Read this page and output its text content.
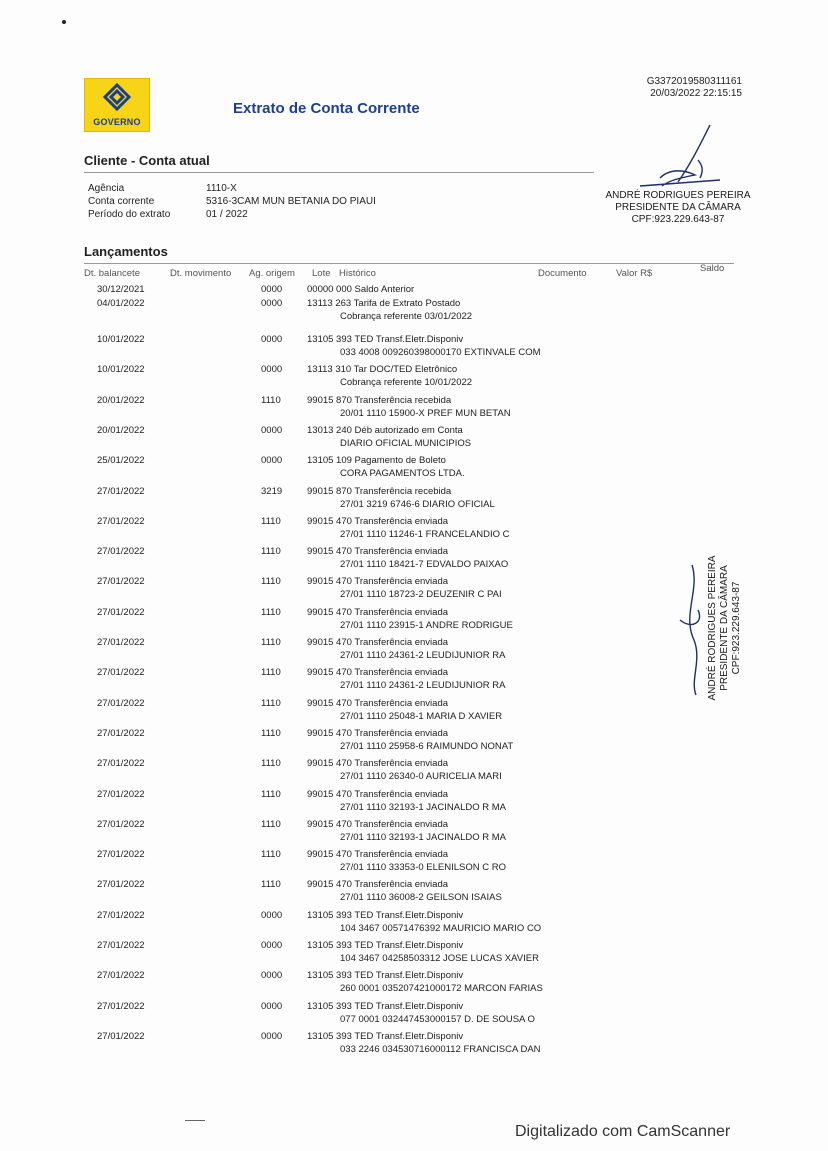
GOVERNO
Extrato de Conta Corrente
G3372019580311161
20/03/2022 22:15:15
Cliente - Conta atual
Agência	1110-X
Conta corrente	5316-3CAM MUN BETANIA DO PIAUI
Período do extrato	01 / 2022
ANDRÉ RODRIGUES PEREIRA
PRESIDENTE DA CÂMARA
CPF:923.229.643-87
Lançamentos
Dt. balancete	Dt. movimento Ag. origem Lote Histórico	Documento	Valor R$	Saldo
30/12/2021	0000	00000 000 Saldo Anterior
04/01/2022	0000	13113 263 Tarifa de Extrato Postado
Cobrança referente 03/01/2022
10/01/2022	0000	13105 393 TED Transf.Eletr.Disponiv
033 4008 009260398000170 EXTINVALE COM
10/01/2022	0000	13113 310 Tar DOC/TED Eletrônico
Cobrança referente 10/01/2022
20/01/2022	1110	99015 870 Transferência recebida
20/01 1110 15900-X PREF MUN BETAN
20/01/2022	0000	13013 240 Déb autorizado em Conta
DIARIO OFICIAL MUNICIPIOS
25/01/2022	0000	13105 109 Pagamento de Boleto
CORA PAGAMENTOS LTDA.
27/01/2022	3219	99015 870 Transferência recebida
27/01 3219 6746-6 DIARIO OFICIAL
27/01/2022	1110	99015 470 Transferência enviada
27/01 1110 11246-1 FRANCELANDIO C
27/01/2022	1110	99015 470 Transferência enviada
27/01 1110 18421-7 EDVALDO PAIXAO
27/01/2022	1110	99015 470 Transferência enviada
27/01 1110 18723-2 DEUZENIR C PAI
27/01/2022	1110	99015 470 Transferência enviada
27/01 1110 23915-1 ANDRE RODRIGUE
27/01/2022	1110	99015 470 Transferência enviada
27/01 1110 24361-2 LEUDIJUNIOR RA
27/01/2022	1110	99015 470 Transferência enviada
27/01 1110 24361-2 LEUDIJUNIOR RA
27/01/2022	1110	99015 470 Transferência enviada
27/01 1110 25048-1 MARIA D XAVIER
27/01/2022	1110	99015 470 Transferência enviada
27/01 1110 25958-6 RAIMUNDO NONAT
27/01/2022	1110	99015 470 Transferência enviada
27/01 1110 26340-0 AURICELIA MARI
27/01/2022	1110	99015 470 Transferência enviada
27/01 1110 32193-1 JACINALDO R MA
27/01/2022	1110	99015 470 Transferência enviada
27/01 1110 32193-1 JACINALDO R MA
27/01/2022	1110	99015 470 Transferência enviada
27/01 1110 33353-0 ELENILSON C RO
27/01/2022	1110	99015 470 Transferência enviada
27/01 1110 36008-2 GEILSON ISAIAS
27/01/2022	0000	13105 393 TED Transf.Eletr.Disponiv
104 3467 00571476392 MAURICIO MARIO CO
27/01/2022	0000	13105 393 TED Transf.Eletr.Disponiv
104 3467 04258503312 JOSE LUCAS XAVIER
27/01/2022	0000	13105 393 TED Transf.Eletr.Disponiv
260 0001 035207421000172 MARCON FARIAS
27/01/2022	0000	13105 393 TED Transf.Eletr.Disponiv
077 0001 032447453000157 D. DE SOUSA O
27/01/2022	0000	13105 393 TED Transf.Eletr.Disponiv
033 2246 034530716000112 FRANCISCA DAN
ANDRÉ RODRIGUES PEREIRA PRESIDENTE DA CÂMARA CPF:923.229.643-87
Digitalizado com CamScanner
